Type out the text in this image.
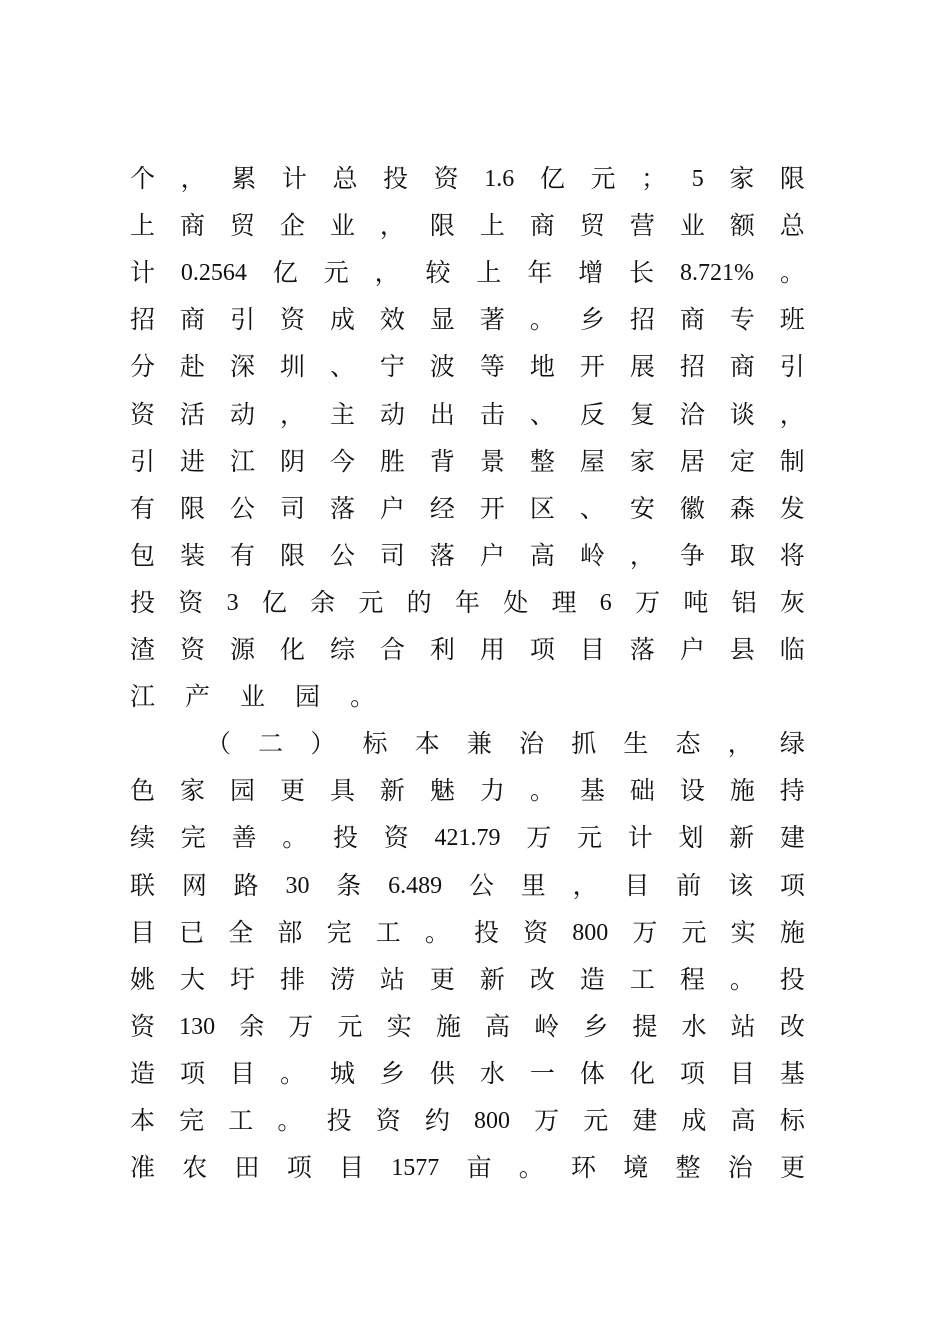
个 ， 累 计 总 投 资 1.6 亿 元 ； 5 家 限
上 商 贸 企 业 ， 限 上 商 贸 营 业 额 总
计 0.2564 亿 元 ， 较 上 年 增 长 8.721% 。
招 商 引 资 成 效 显 著 。 乡 招 商 专 班
分 赴 深 圳 、 宁 波 等 地 开 展 招 商 引
资 活 动 ， 主 动 出 击 、 反 复 洽 谈 ，
引 进 江 阴 今 胜 背 景 整 屋 家 居 定 制
有 限 公 司 落 户 经 开 区 、 安 徽 森 发
包 装 有 限 公 司 落 户 高 岭 ， 争 取 将
投 资 3 亿 余 元 的 年 处 理 6 万 吨 铝 灰
渣 资 源 化 综 合 利 用 项 目 落 户 县 临
江 产 业 园 。
（ 二 ） 标 本 兼 治 抓 生 态 ， 绿
色 家 园 更 具 新 魅 力 。 基 础 设 施 持
续 完 善 。 投 资 421.79 万 元 计 划 新 建
联 网 路 30 条 6.489 公 里 ， 目 前 该 项
目 已 全 部 完 工 。 投 资 800 万 元 实 施
姚 大 圩 排 涝 站 更 新 改 造 工 程 。 投
资 130 余 万 元 实 施 高 岭 乡 提 水 站 改
造 项 目 。 城 乡 供 水 一 体 化 项 目 基
本 完 工 。 投 资 约 800 万 元 建 成 高 标
准 农 田 项 目 1577 亩 。 环 境 整 治 更
